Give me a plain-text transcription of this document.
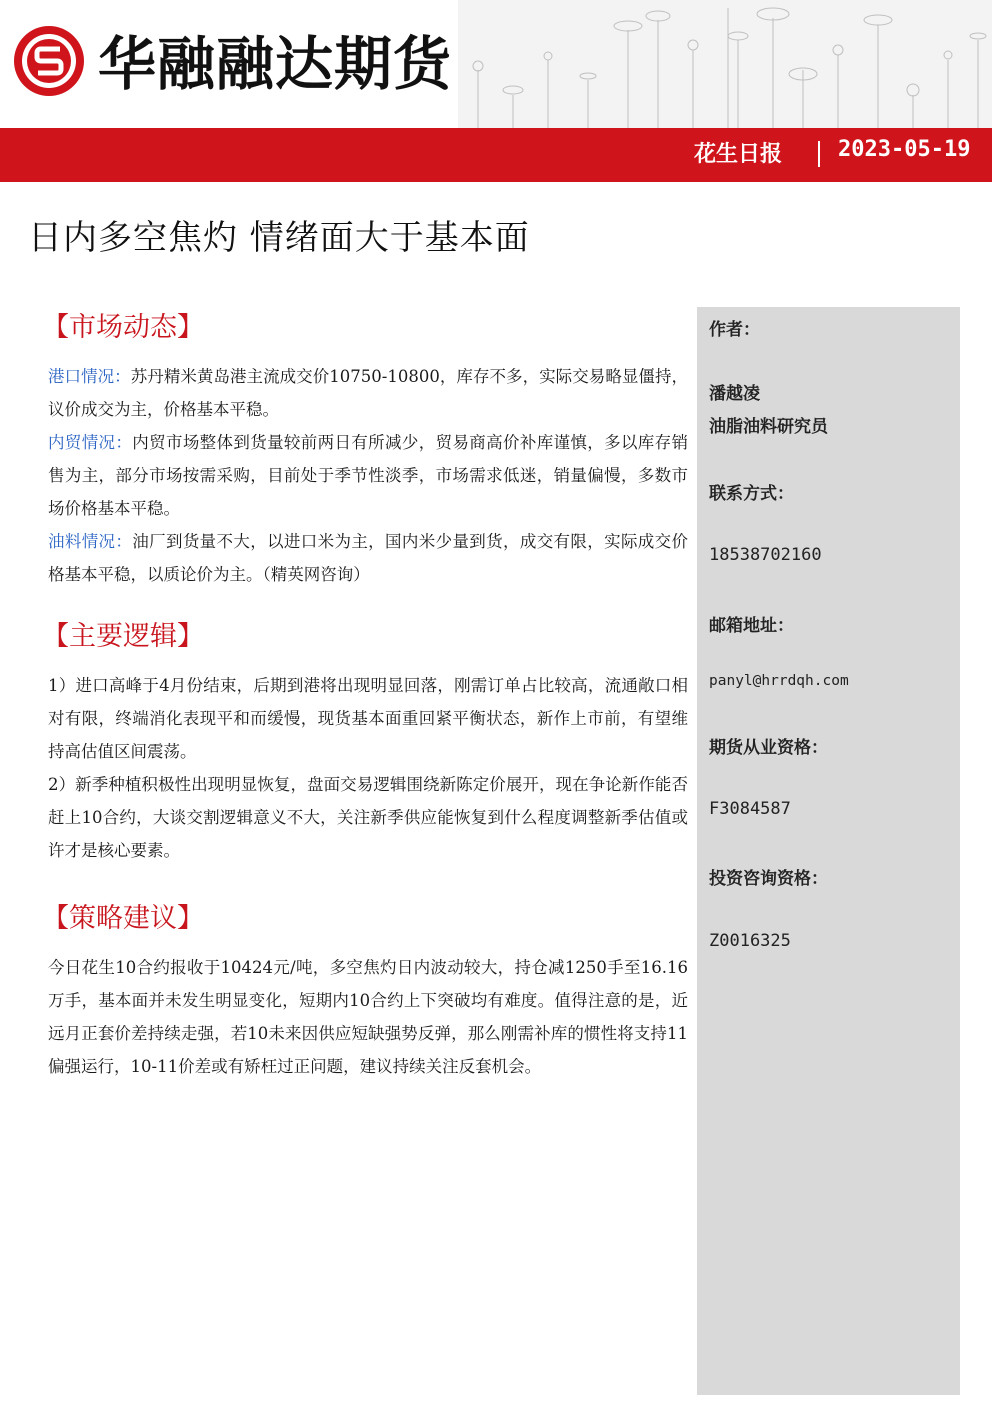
华融融达期货
花生日报	2023-05-19
日内多空焦灼 情绪面大于基本面
【市场动态】

港口情况：苏丹精米黄岛港主流成交价10750-10800，库存不多，实际交易略显僵持，议价成交为主，价格基本平稳。

内贸情况：内贸市场整体到货量较前两日有所减少，贸易商高价补库谨慎，多以库存销售为主，部分市场按需采购，目前处于季节性淡季，市场需求低迷，销量偏慢，多数市场价格基本平稳。

油料情况：油厂到货量不大，以进口米为主，国内米少量到货，成交有限，实际成交价格基本平稳，以质论价为主。（精英网咨询）

【主要逻辑】

1）进口高峰于4月份结束，后期到港将出现明显回落，刚需订单占比较高，流通敞口相对有限，终端消化表现平和而缓慢，现货基本面重回紧平衡状态，新作上市前，有望维持高估值区间震荡。

2）新季种植积极性出现明显恢复，盘面交易逻辑围绕新陈定价展开，现在争论新作能否赶上10合约，大谈交割逻辑意义不大，关注新季供应能恢复到什么程度调整新季估值或许才是核心要素。

【策略建议】

今日花生10合约报收于10424元/吨，多空焦灼日内波动较大，持仓减1250手至16.16万手，基本面并未发生明显变化，短期内10合约上下突破均有难度。值得注意的是，近远月正套价差持续走强，若10未来因供应短缺强势反弹，那么刚需补库的惯性将支持11偏强运行，10-11价差或有矫枉过正问题，建议持续关注反套机会。

作者：
潘越凌
油脂油料研究员
联系方式：
18538702160
邮箱地址：
panyl@hrrdqh.com
期货从业资格：
F3084587
投资咨询资格：
Z0016325
